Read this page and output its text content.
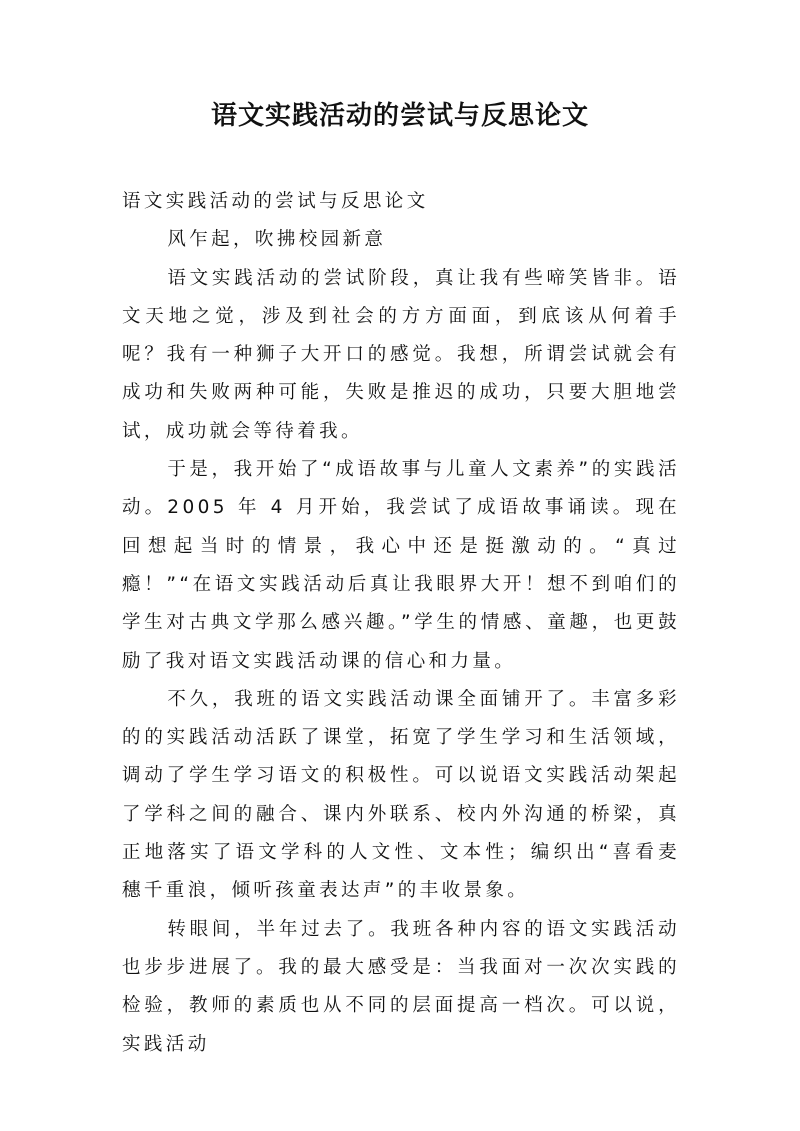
语文实践活动的尝试与反思论文

语文实践活动的尝试与反思论文

风乍起，吹拂校园新意

语文实践活动的尝试阶段，真让我有些啼笑皆非。语文天地之觉，涉及到社会的方方面面，到底该从何着手呢？我有一种狮子大开口的感觉。我想，所谓尝试就会有成功和失败两种可能，失败是推迟的成功，只要大胆地尝试，成功就会等待着我。

于是，我开始了“成语故事与儿童人文素养”的实践活动。2005 年 4 月开始，我尝试了成语故事诵读。现在回想起当时的情景，我心中还是挺激动的。“真过瘾！”“在语文实践活动后真让我眼界大开！想不到咱们的学生对古典文学那么感兴趣。”学生的情感、童趣，也更鼓励了我对语文实践活动课的信心和力量。

不久，我班的语文实践活动课全面铺开了。丰富多彩的的实践活动活跃了课堂，拓宽了学生学习和生活领域，调动了学生学习语文的积极性。可以说语文实践活动架起了学科之间的融合、课内外联系、校内外沟通的桥梁，真正地落实了语文学科的人文性、文本性；编织出“喜看麦穗千重浪，倾听孩童表达声”的丰收景象。

转眼间，半年过去了。我班各种内容的语文实践活动也步步进展了。我的最大感受是：当我面对一次次实践的检验，教师的素质也从不同的层面提高一档次。可以说，实践活动
